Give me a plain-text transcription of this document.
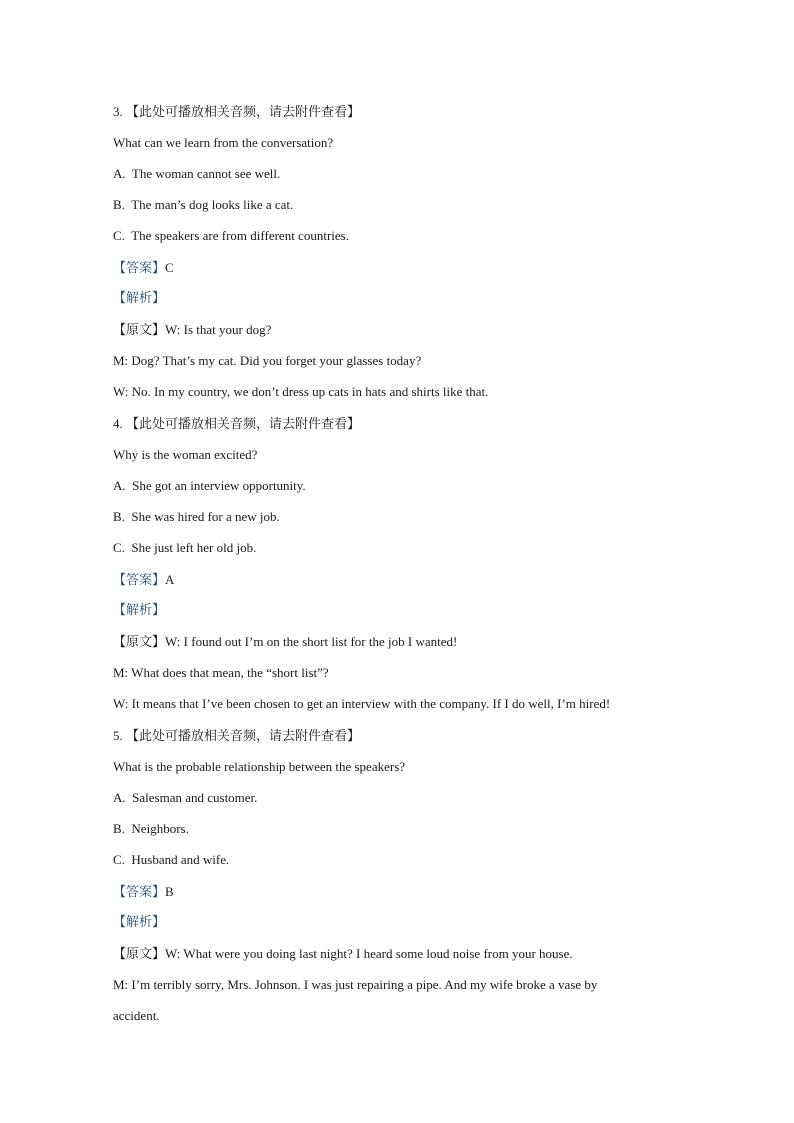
3. 【此处可播放相关音频，请去附件查看】
What can we learn from the conversation?
A. The woman cannot see well.
B. The man’s dog looks like a cat.
C. The speakers are from different countries.
【答案】C
【解析】
【原文】W: Is that your dog?
M: Dog? That’s my cat. Did you forget your glasses today?
W: No. In my country, we don’t dress up cats in hats and shirts like that.
4. 【此处可播放相关音频，请去附件查看】
Why is the woman excited?
A. She got an interview opportunity.
B. She was hired for a new job.
C. She just left her old job.
【答案】A
【解析】
【原文】W: I found out I’m on the short list for the job I wanted!
M: What does that mean, the “short list”?
W: It means that I’ve been chosen to get an interview with the company. If I do well, I’m hired!
5. 【此处可播放相关音频，请去附件查看】
What is the probable relationship between the speakers?
A. Salesman and customer.
B. Neighbors.
C. Husband and wife.
【答案】B
【解析】
【原文】W: What were you doing last night? I heard some loud noise from your house.
M: I’m terribly sorry, Mrs. Johnson. I was just repairing a pipe. And my wife broke a vase by
accident.
